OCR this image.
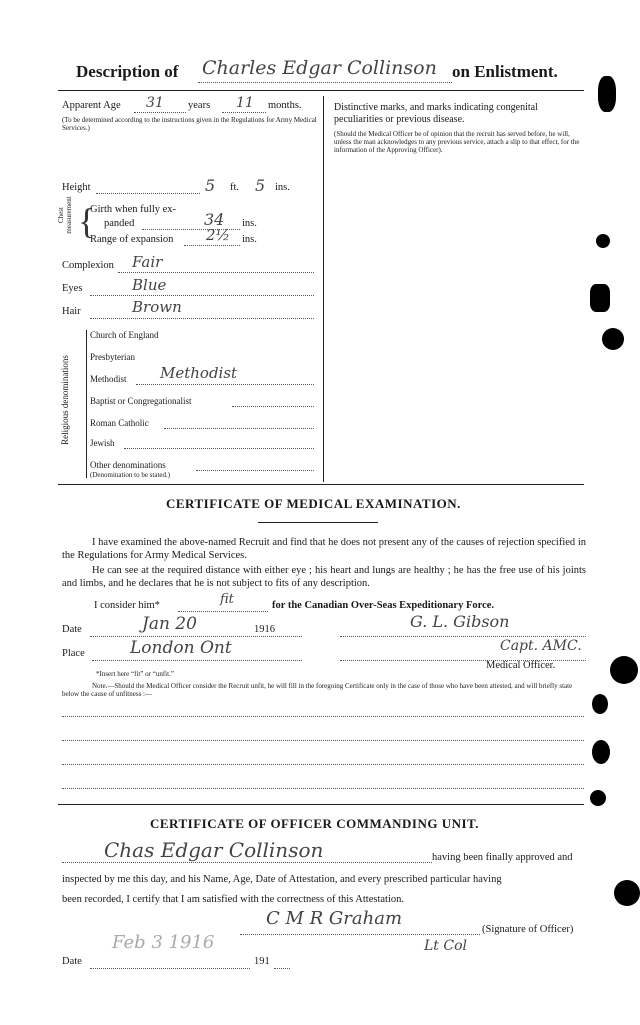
Description of Charles Edgar Collinson on Enlistment.
Apparent Age 31 years 11 months.
(To be determined according to the instructions given in the Regulations for Army Medical Services.)
Height	5 ft. 5 ins.
Chest measurement {
Girth when fully ex-
panded	34 ins.
Range of expansion 2½ ins.
Complexion Fair
Eyes	Blue
Hair	Brown
Religious denominations
Church of England
Presbyterian
Methodist Methodist
Baptist or Congregationalist
Roman Catholic
Jewish
Other denominations
(Denomination to be stated.)
Distinctive marks, and marks indicating congenital peculiarities or previous disease.
(Should the Medical Officer be of opinion that the recruit has served before, he will, unless the man acknowledges to any previous service, attach a slip to that effect, for the information of the Approving Officer).
CERTIFICATE OF MEDICAL EXAMINATION.
I have examined the above-named Recruit and find that he does not present any of the causes of rejection specified in the Regulations for Army Medical Services.
He can see at the required distance with either eye ; his heart and lungs are healthy ; he has the free use of his joints and limbs, and he declares that he is not subject to fits of any description.
I consider him*	fit	for the Canadian Over-Seas Expeditionary Force.
Date	Jan 20	1916
Place	London Ont
G. L. Gibson
Capt. AMC.
Medical Officer.
*Insert here “fit” or “unfit.”
Note.—Should the Medical Officer consider the Recruit unfit, he will fill in the foregoing Certificate only in the case of those who have been attested, and will briefly state below the cause of unfitness :—
CERTIFICATE OF OFFICER COMMANDING UNIT.
Chas Edgar Collinson	having been finally approved and
inspected by me this day, and his Name, Age, Date of Attestation, and every prescribed particular having
been recorded, I certify that I am satisfied with the correctness of this Attestation.
C M R Graham
(Signature of Officer)
Lt Col
Date
Feb 3 1916
191
